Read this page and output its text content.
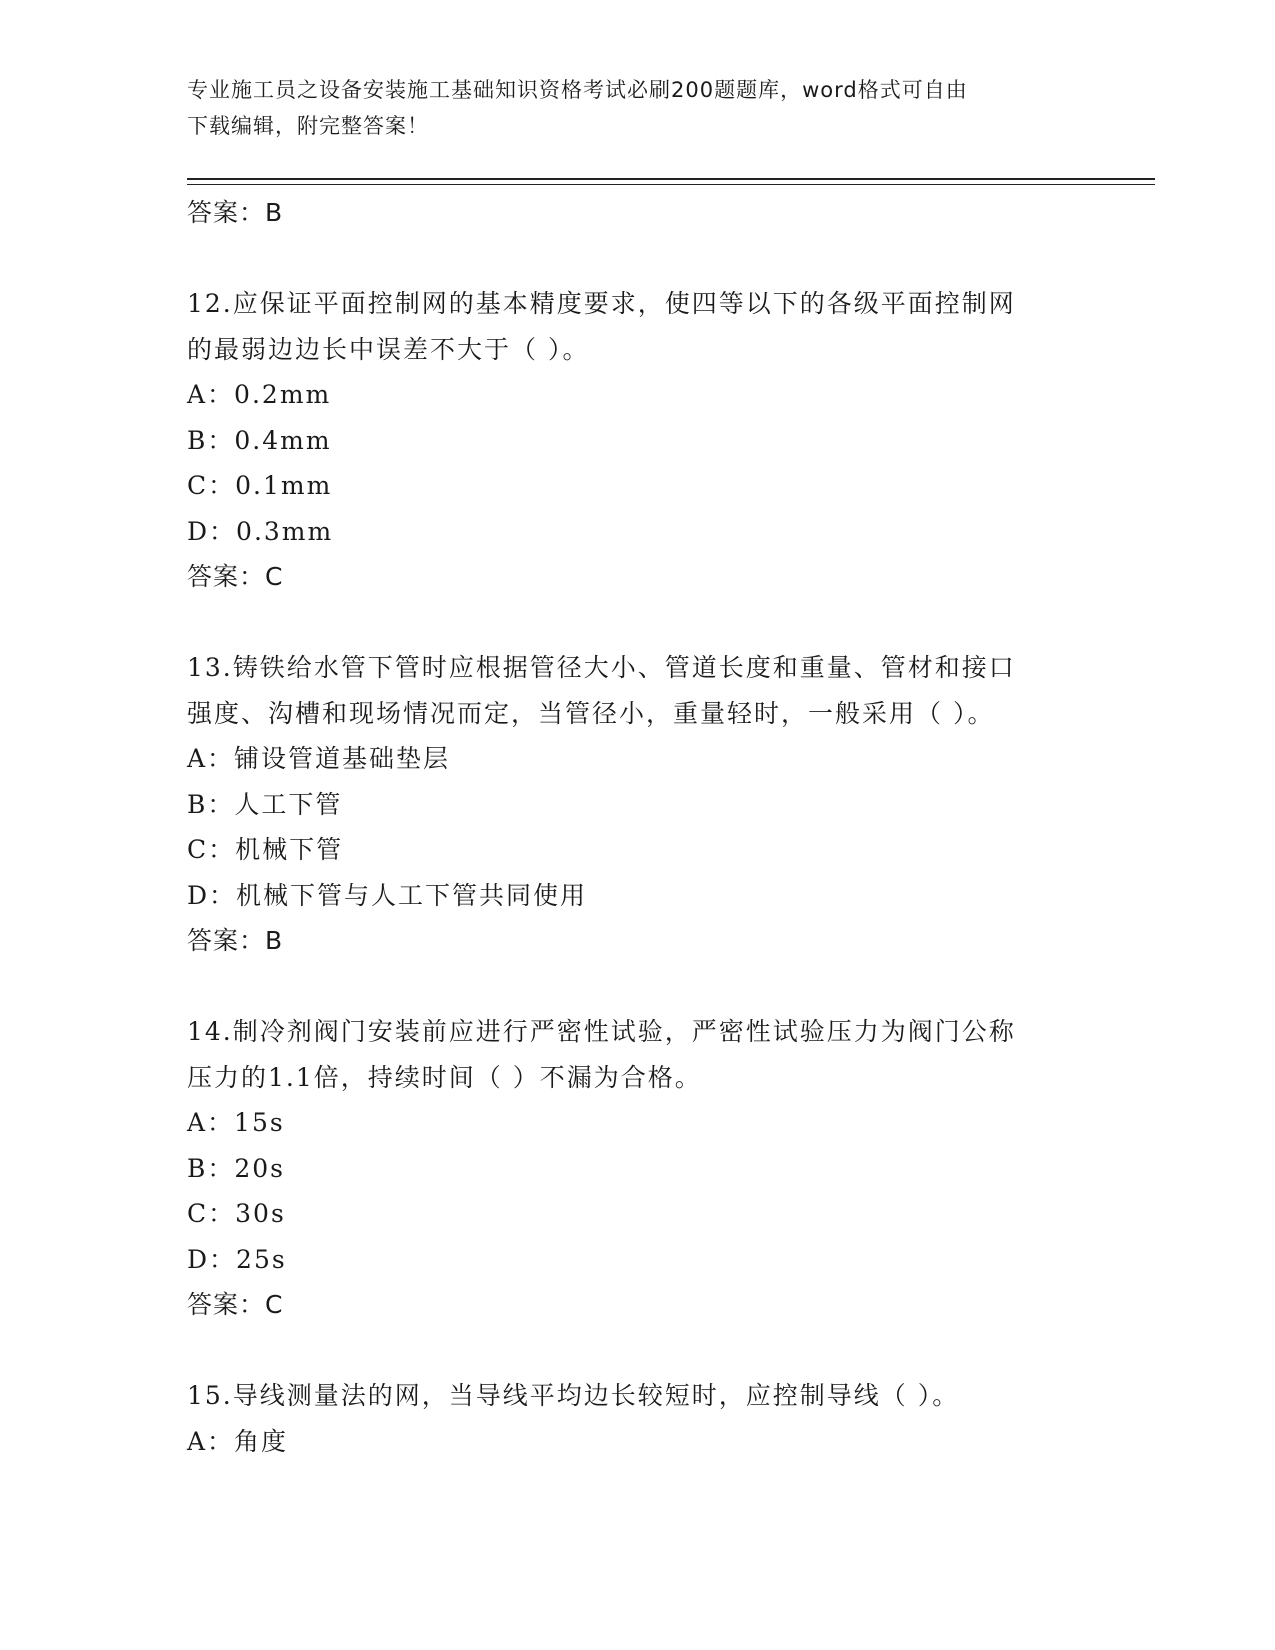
专业施工员之设备安装施工基础知识资格考试必刷200题题库，word格式可自由
下载编辑，附完整答案！
答案：B
12.应保证平面控制网的基本精度要求，使四等以下的各级平面控制网
的最弱边边长中误差不大于（ ）。
A：0.2mm
B：0.4mm
C：0.1mm
D：0.3mm
答案：C
13.铸铁给水管下管时应根据管径大小、管道长度和重量、管材和接口
强度、沟槽和现场情况而定，当管径小，重量轻时，一般采用（ ）。
A：铺设管道基础垫层
B：人工下管
C：机械下管
D：机械下管与人工下管共同使用
答案：B
14.制冷剂阀门安装前应进行严密性试验，严密性试验压力为阀门公称
压力的1.1倍，持续时间（ ）不漏为合格。
A：15s
B：20s
C：30s
D：25s
答案：C
15.导线测量法的网，当导线平均边长较短时，应控制导线（ ）。
A：角度
